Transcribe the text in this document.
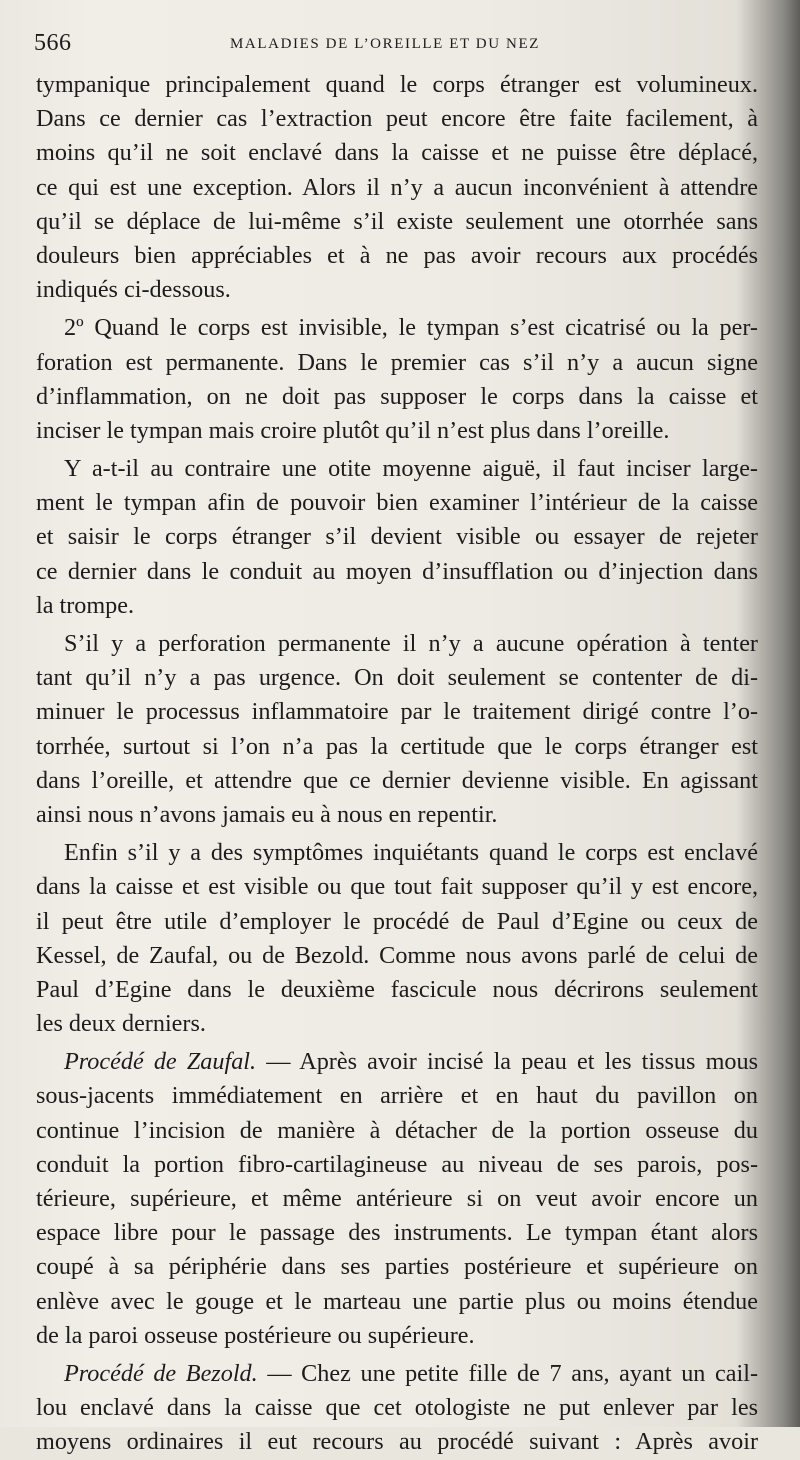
566	MALADIES DE L’OREILLE ET DU NEZ
tympanique principalement quand le corps étranger est volumineux.
Dans ce dernier cas l’extraction peut encore être faite facilement, à
moins qu’il ne soit enclavé dans la caisse et ne puisse être déplacé,
ce qui est une exception. Alors il n’y a aucun inconvénient à attendre
qu’il se déplace de lui-même s’il existe seulement une otorrhée sans
douleurs bien appréciables et à ne pas avoir recours aux procédés
indiqués ci-dessous.
2º Quand le corps est invisible, le tympan s’est cicatrisé ou la per-
foration est permanente. Dans le premier cas s’il n’y a aucun signe
d’inflammation, on ne doit pas supposer le corps dans la caisse et
inciser le tympan mais croire plutôt qu’il n’est plus dans l’oreille.
Y a-t-il au contraire une otite moyenne aiguë, il faut inciser large-
ment le tympan afin de pouvoir bien examiner l’intérieur de la caisse
et saisir le corps étranger s’il devient visible ou essayer de rejeter
ce dernier dans le conduit au moyen d’insufflation ou d’injection dans
la trompe.
S’il y a perforation permanente il n’y a aucune opération à tenter
tant qu’il n’y a pas urgence. On doit seulement se contenter de di-
minuer le processus inflammatoire par le traitement dirigé contre l’o-
torrhée, surtout si l’on n’a pas la certitude que le corps étranger est
dans l’oreille, et attendre que ce dernier devienne visible. En agissant
ainsi nous n’avons jamais eu à nous en repentir.
Enfin s’il y a des symptômes inquiétants quand le corps est enclavé
dans la caisse et est visible ou que tout fait supposer qu’il y est encore,
il peut être utile d’employer le procédé de Paul d’Egine ou ceux de
Kessel, de Zaufal, ou de Bezold. Comme nous avons parlé de celui de
Paul d’Egine dans le deuxième fascicule nous décrirons seulement
les deux derniers.
Procédé de Zaufal. — Après avoir incisé la peau et les tissus mous
sous-jacents immédiatement en arrière et en haut du pavillon on
continue l’incision de manière à détacher de la portion osseuse du
conduit la portion fibro-cartilagineuse au niveau de ses parois, pos-
térieure, supérieure, et même antérieure si on veut avoir encore un
espace libre pour le passage des instruments. Le tympan étant alors
coupé à sa périphérie dans ses parties postérieure et supérieure on
enlève avec le gouge et le marteau une partie plus ou moins étendue
de la paroi osseuse postérieure ou supérieure.
Procédé de Bezold. — Chez une petite fille de 7 ans, ayant un cail-
lou enclavé dans la caisse que cet otologiste ne put enlever par les
moyens ordinaires il eut recours au procédé suivant : Après avoir
